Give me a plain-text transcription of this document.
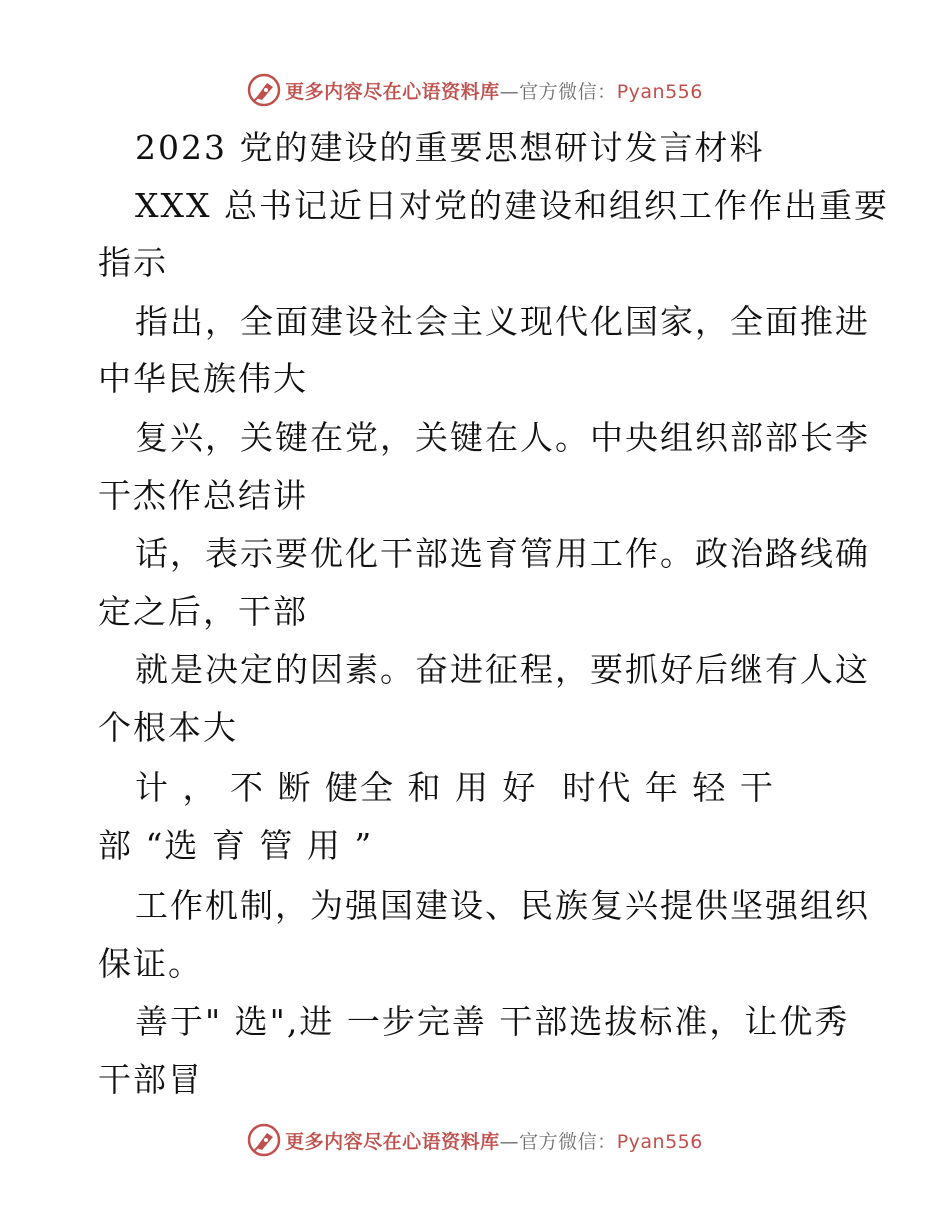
更多内容尽在心语资料库—官方微信：Pyan556
2023 党的建设的重要思想研讨发言材料
XXX 总书记近日对党的建设和组织工作作出重要
指示
指出，全面建设社会主义现代化国家，全面推进
中华民族伟大
复兴，关键在党，关键在人。中央组织部部长李
干杰作总结讲
话，表示要优化干部选育管用工作。政治路线确
定之后，干部
就是决定的因素。奋进征程，要抓好后继有人这
个根本大
计 ， 不 断 健全 和 用 好  时代 年 轻 干
部 “选 育 管 用 ”
工作机制，为强国建设、民族复兴提供坚强组织
保证。
善于" 选",进 一步完善 干部选拔标准，让优秀
干部冒
更多内容尽在心语资料库—官方微信：Pyan556
